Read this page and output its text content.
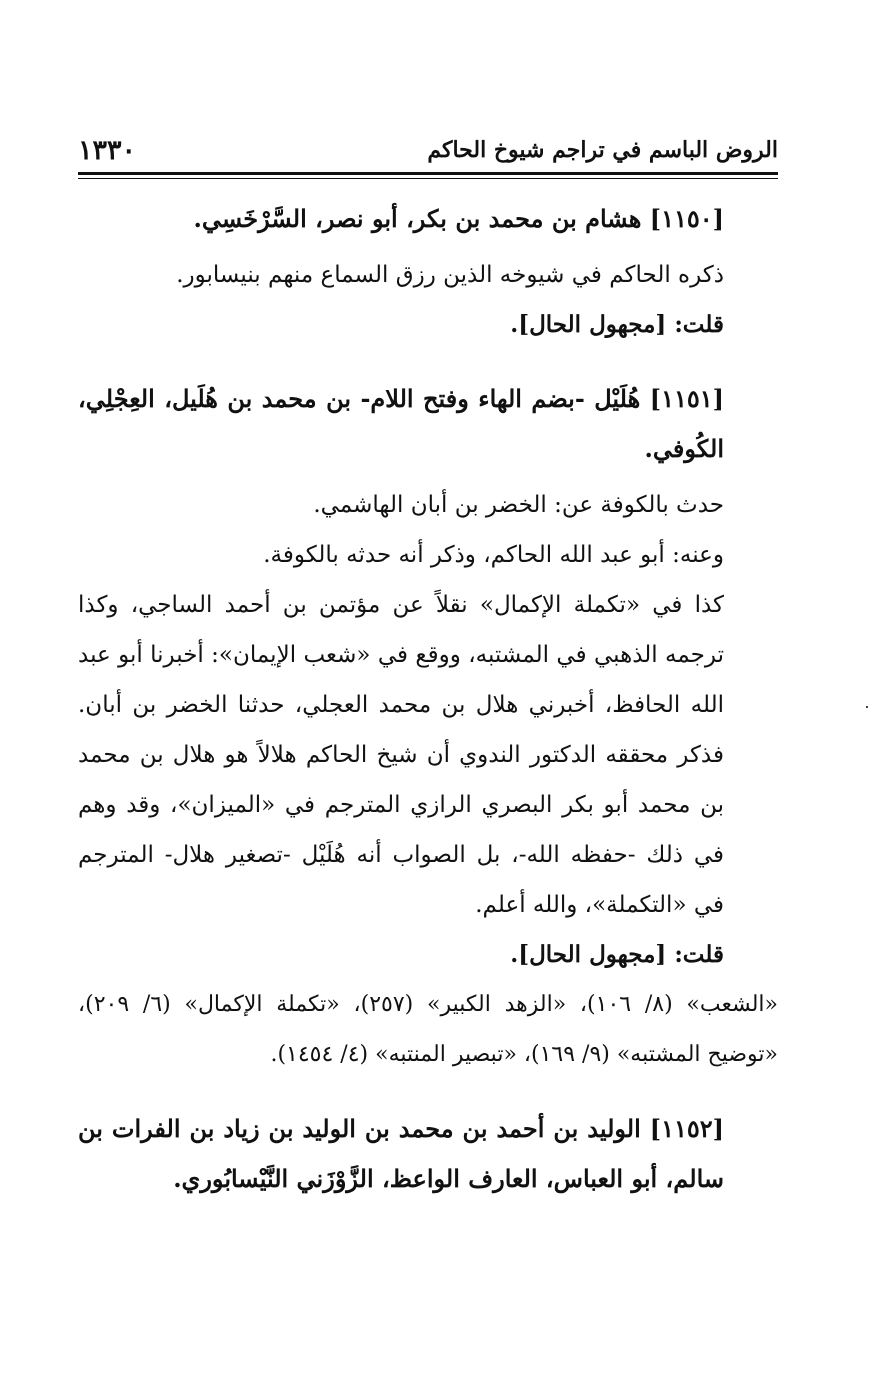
١٣٣٠	الروض الباسم في تراجم شيوخ الحاكم

[١١٥٠] هشام بن محمد بن بكر، أبو نصر، السَّرْخَسِي.

ذكره الحاكم في شيوخه الذين رزق السماع منهم بنيسابور.

قلت: [مجهول الحال].

[١١٥١] هُلَيْل -بضم الهاء وفتح اللام- بن محمد بن هُلَيل، العِجْلِي، الكُوفي.

حدث بالكوفة عن: الخضر بن أبان الهاشمي.

وعنه: أبو عبد الله الحاكم، وذكر أنه حدثه بالكوفة.

كذا في «تكملة الإكمال» نقلاً عن مؤتمن بن أحمد الساجي، وكذا ترجمه الذهبي في المشتبه، ووقع في «شعب الإيمان»: أخبرنا أبو عبد الله الحافظ، أخبرني هلال بن محمد العجلي، حدثنا الخضر بن أبان. فذكر محققه الدكتور الندوي أن شيخ الحاكم هلالاً هو هلال بن محمد بن محمد أبو بكر البصري الرازي المترجم في «الميزان»، وقد وهم في ذلك -حفظه الله-، بل الصواب أنه هُلَيْل -تصغير هلال- المترجم في «التكملة»، والله أعلم.

قلت: [مجهول الحال].

«الشعب» (٨/ ١٠٦)، «الزهد الكبير» (٢٥٧)، «تكملة الإكمال» (٦/ ٢٠٩)، «توضيح المشتبه» (٩/ ١٦٩)، «تبصير المنتبه» (٤/ ١٤٥٤).

[١١٥٢] الوليد بن أحمد بن محمد بن الوليد بن زياد بن الفرات بن سالم، أبو العباس، العارف الواعظ، الزَّوْزَني النَّيْسابُوري.
